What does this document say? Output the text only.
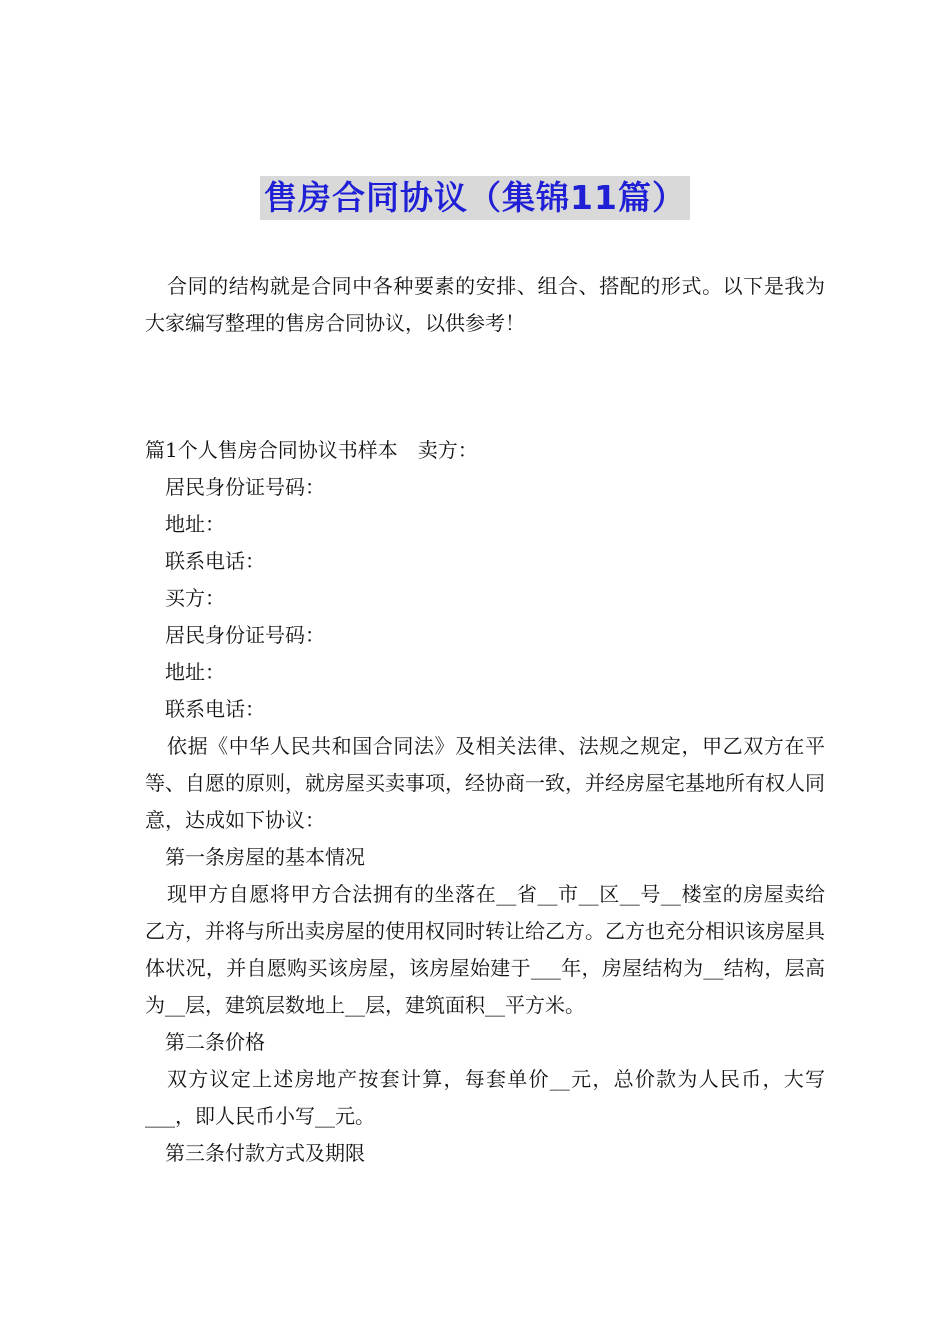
售房合同协议（集锦11篇）

合同的结构就是合同中各种要素的安排、组合、搭配的形式。以下是我为大家编写整理的售房合同协议，以供参考！

篇1个人售房合同协议书样本　卖方：

居民身份证号码：

地址：

联系电话：

买方：

居民身份证号码：

地址：

联系电话：

依据《中华人民共和国合同法》及相关法律、法规之规定，甲乙双方在平等、自愿的原则，就房屋买卖事项，经协商一致，并经房屋宅基地所有权人同意，达成如下协议：

第一条房屋的基本情况

现甲方自愿将甲方合法拥有的坐落在__省__市__区__号__楼室的房屋卖给乙方，并将与所出卖房屋的使用权同时转让给乙方。乙方也充分相识该房屋具体状况，并自愿购买该房屋，该房屋始建于___年，房屋结构为__结构，层高为__层，建筑层数地上__层，建筑面积__平方米。

第二条价格

双方议定上述房地产按套计算，每套单价__元，总价款为人民币，大写___，即人民币小写__元。

第三条付款方式及期限
